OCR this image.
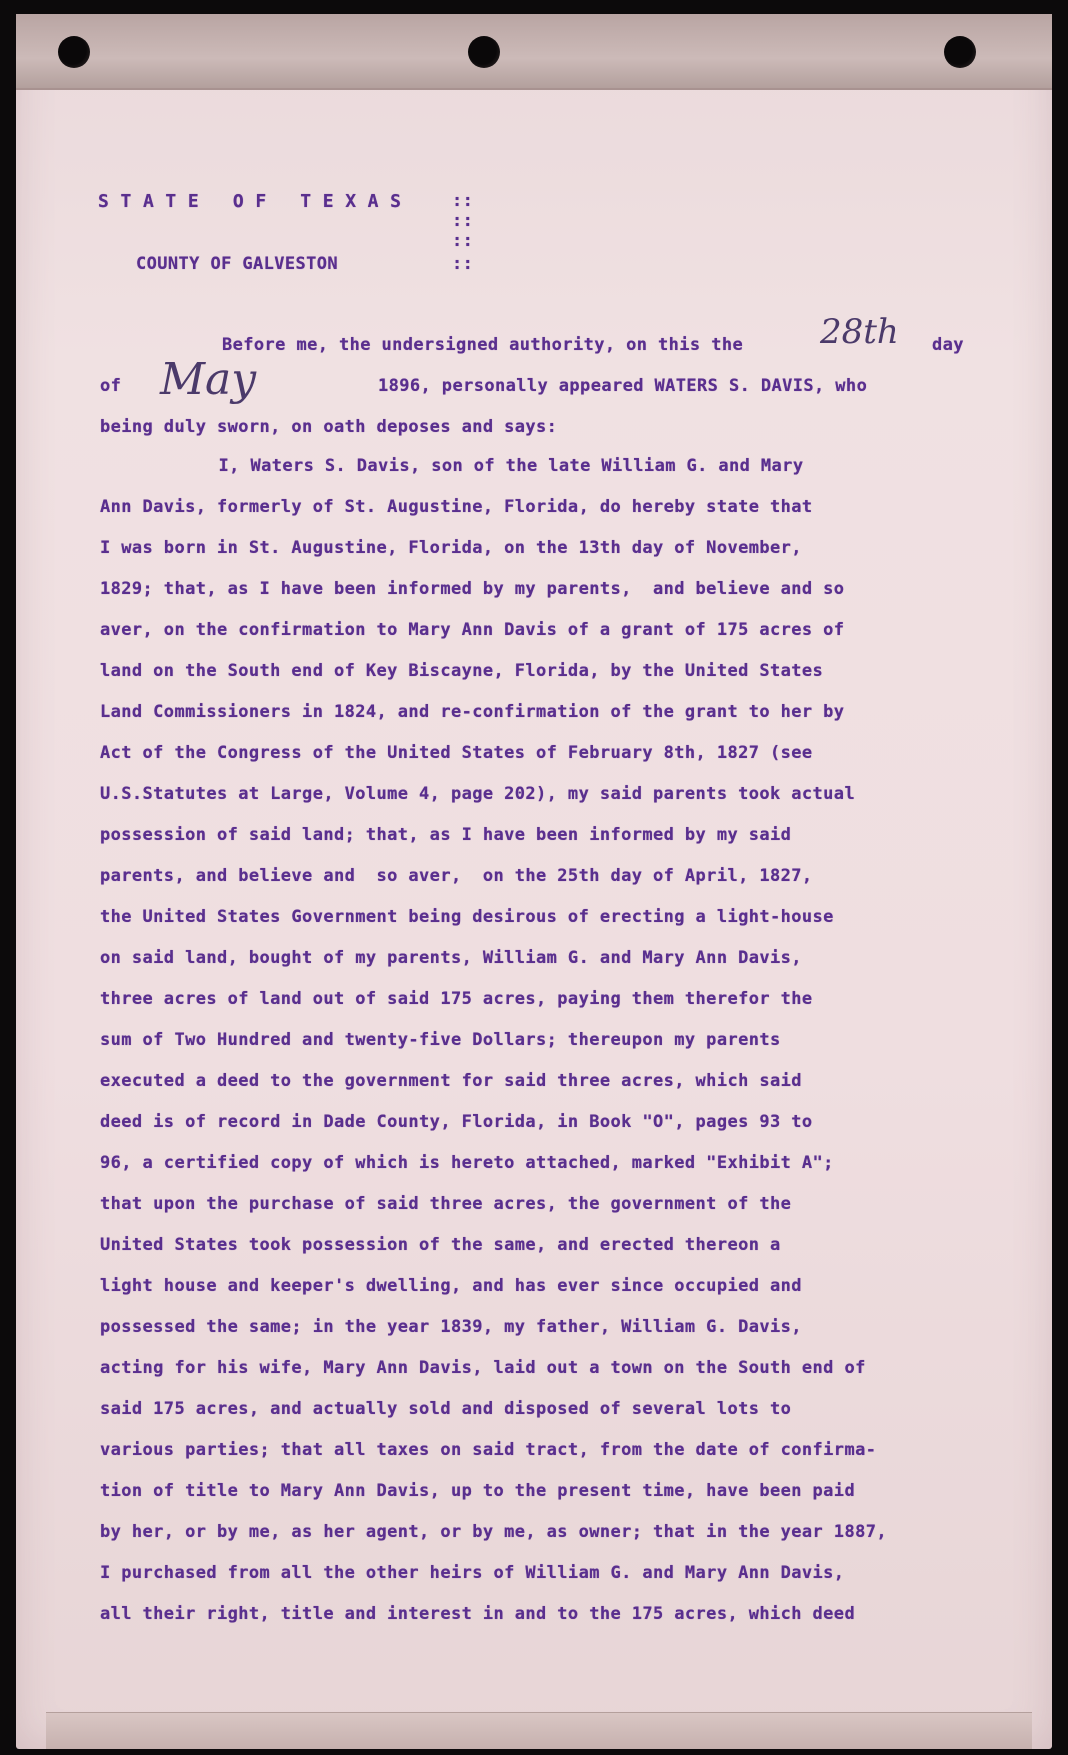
S T A T E   O F   T E X A S	::
::
::
COUNTY OF GALVESTON	::
Before me, the undersigned authority, on this the 28th day
of May	1896, personally appeared WATERS S. DAVIS, who
being duly sworn, on oath deposes and says:
I, Waters S. Davis, son of the late William G. and Mary
Ann Davis, formerly of St. Augustine, Florida, do hereby state that
I was born in St. Augustine, Florida, on the 13th day of November,
1829; that, as I have been informed by my parents,  and believe and so
aver, on the confirmation to Mary Ann Davis of a grant of 175 acres of
land on the South end of Key Biscayne, Florida, by the United States
Land Commissioners in 1824, and re-confirmation of the grant to her by
Act of the Congress of the United States of February 8th, 1827 (see
U.S.Statutes at Large, Volume 4, page 202), my said parents took actual
possession of said land; that, as I have been informed by my said
parents, and believe and  so aver,  on the 25th day of April, 1827,
the United States Government being desirous of erecting a light-house
on said land, bought of my parents, William G. and Mary Ann Davis,
three acres of land out of said 175 acres, paying them therefor the
sum of Two Hundred and twenty-five Dollars; thereupon my parents
executed a deed to the government for said three acres, which said
deed is of record in Dade County, Florida, in Book "O", pages 93 to
96, a certified copy of which is hereto attached, marked "Exhibit A";
that upon the purchase of said three acres, the government of the
United States took possession of the same, and erected thereon a
light house and keeper's dwelling, and has ever since occupied and
possessed the same; in the year 1839, my father, William G. Davis,
acting for his wife, Mary Ann Davis, laid out a town on the South end of
said 175 acres, and actually sold and disposed of several lots to
various parties; that all taxes on said tract, from the date of confirma-
tion of title to Mary Ann Davis, up to the present time, have been paid
by her, or by me, as her agent, or by me, as owner; that in the year 1887,
I purchased from all the other heirs of William G. and Mary Ann Davis,
all their right, title and interest in and to the 175 acres, which deed
